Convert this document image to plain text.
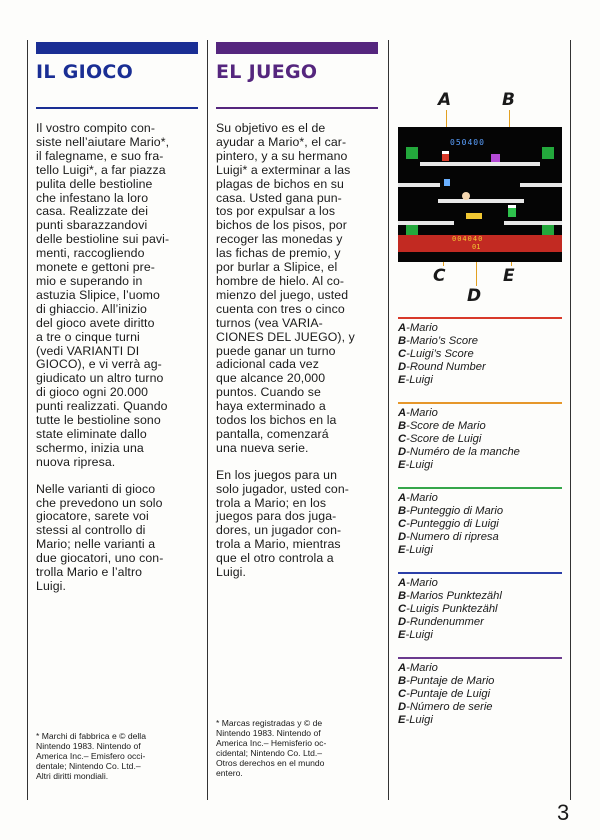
IL GIOCO

Il vostro compito con-
siste nell’aiutare Mario*,
il falegname, e suo fra-
tello Luigi*, a far piazza
pulita delle bestioline
che infestano la loro
casa. Realizzate dei
punti sbarazzandovi
delle bestioline sui pavi-
menti, raccogliendo
monete e gettoni pre-
mio e superando in
astuzia Slipice, l’uomo
di ghiaccio. All’inizio
del gioco avete diritto
a tre o cinque turni
(vedi VARIANTI DI
GIOCO), e vi verrà ag-
giudicato un altro turno
di gioco ogni 20.000
punti realizzati. Quando
tutte le bestioline sono
state eliminate dallo
schermo, inizia una
nuova ripresa.

Nelle varianti di gioco
che prevedono un solo
giocatore, sarete voi
stessi al controllo di
Mario; nelle varianti a
due giocatori, uno con-
trolla Mario e l’altro
Luigi.

* Marchi di fabbrica e © della
Nintendo 1983. Nintendo of
America Inc.– Emisfero occi-
dentale; Nintendo Co. Ltd.–
Altri diritti mondiali.
EL JUEGO

Su objetivo es el de
ayudar a Mario*, el car-
pintero, y a su hermano
Luigi* a exterminar a las
plagas de bichos en su
casa. Usted gana pun-
tos por expulsar a los
bichos de los pisos, por
recoger las monedas y
las fichas de premio, y
por burlar a Slipice, el
hombre de hielo. Al co-
mienzo del juego, usted
cuenta con tres o cinco
turnos (vea VARIA-
CIONES DEL JUEGO), y
puede ganar un turno
adicional cada vez
que alcance 20,000
puntos. Cuando se
haya exterminado a
todos los bichos en la
pantalla, comenzará
una nueva serie.

En los juegos para un
solo jugador, usted con-
trola a Mario; en los
juegos para dos juga-
dores, un jugador con-
trola a Mario, mientras
que el otro controla a
Luigi.

* Marcas registradas y © de
Nintendo 1983. Nintendo of
America Inc.– Hemisferio oc-
cidental; Nintendo Co. Ltd.–
Otros derechos en el mundo
entero.
A	B
C
D
E
050400
004040
01
A-Mario
B-Mario’s Score
C-Luigi’s Score
D-Round Number
E-Luigi
A-Mario
B-Score de Mario
C-Score de Luigi
D-Numéro de la manche
E-Luigi
A-Mario
B-Punteggio di Mario
C-Punteggio di Luigi
D-Numero di ripresa
E-Luigi
A-Mario
B-Marios Punktezähl
C-Luigis Punktezähl
D-Rundenummer
E-Luigi
A-Mario
B-Puntaje de Mario
C-Puntaje de Luigi
D-Número de serie
E-Luigi
3
